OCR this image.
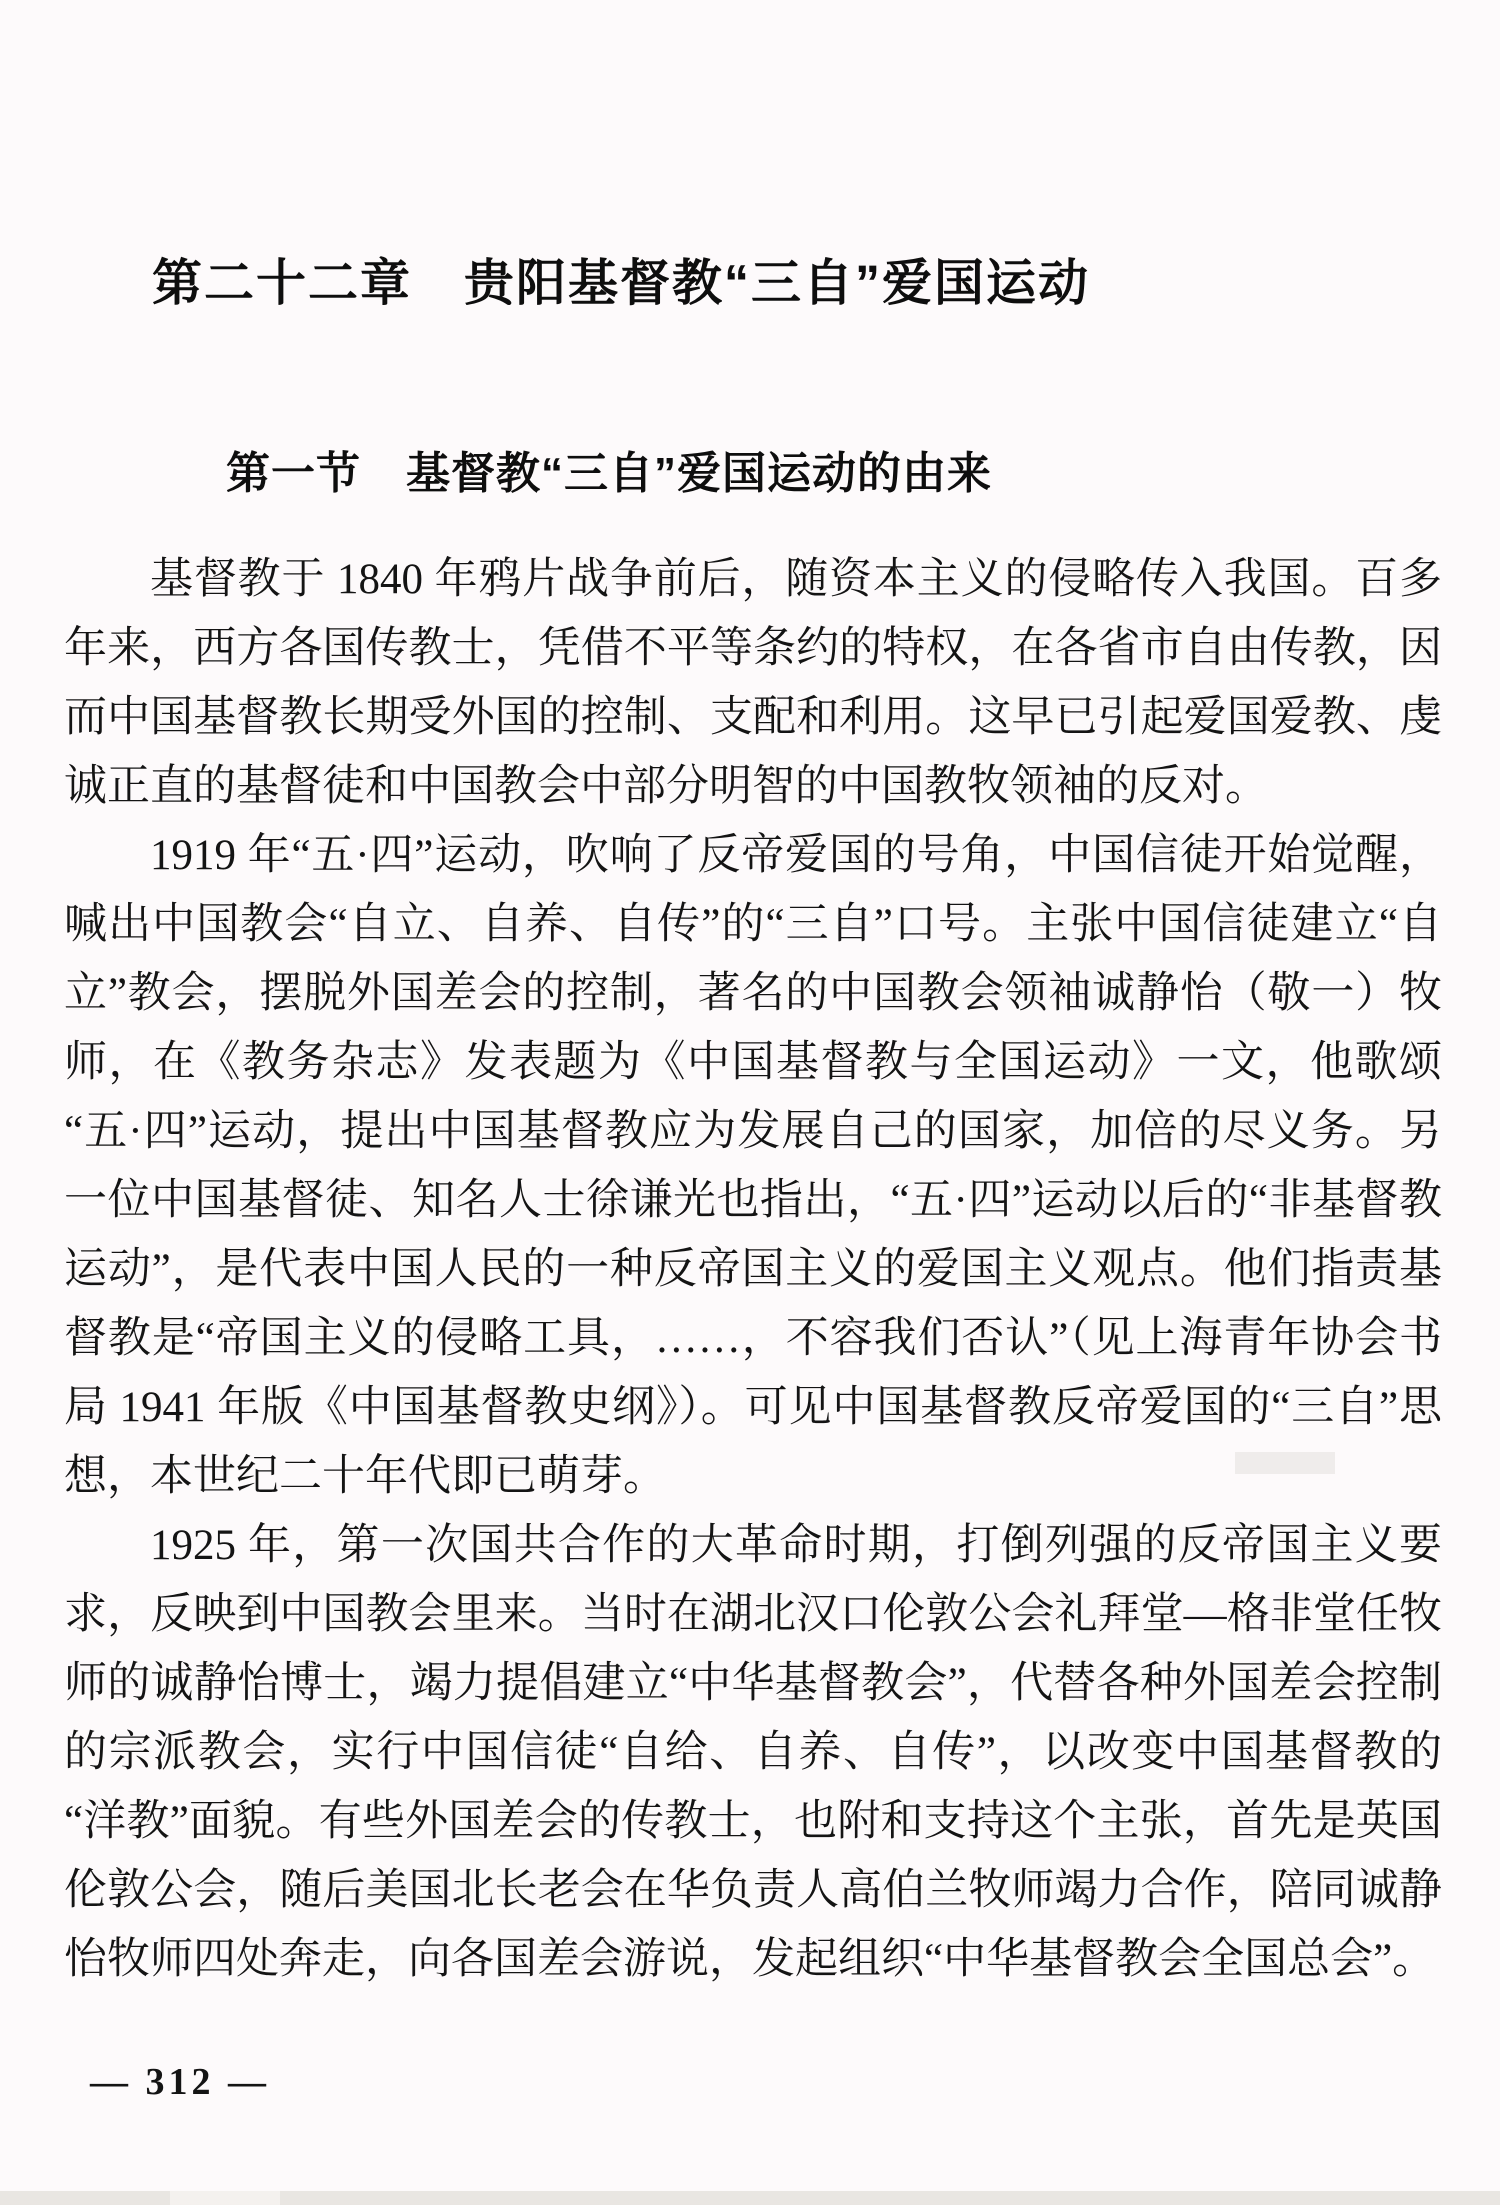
第二十二章　贵阳基督教“三自”爱国运动
第一节　基督教“三自”爱国运动的由来

基督教于 1840 年鸦片战争前后，随资本主义的侵略传入我国。百多年来，西方各国传教士，凭借不平等条约的特权，在各省市自由传教，因而中国基督教长期受外国的控制、支配和利用。这早已引起爱国爱教、虔诚正直的基督徒和中国教会中部分明智的中国教牧领袖的反对。

1919 年“五·四”运动，吹响了反帝爱国的号角，中国信徒开始觉醒，喊出中国教会“自立、自养、自传”的“三自”口号。主张中国信徒建立“自立”教会，摆脱外国差会的控制，著名的中国教会领袖诚静怡（敬一）牧师，在《教务杂志》发表题为《中国基督教与全国运动》一文，他歌颂“五·四”运动，提出中国基督教应为发展自己的国家，加倍的尽义务。另一位中国基督徒、知名人士徐谦光也指出，“五·四”运动以后的“非基督教运动”，是代表中国人民的一种反帝国主义的爱国主义观点。他们指责基督教是“帝国主义的侵略工具，……，不容我们否认”（见上海青年协会书局 1941 年版《中国基督教史纲》）。可见中国基督教反帝爱国的“三自”思想，本世纪二十年代即已萌芽。

1925 年，第一次国共合作的大革命时期，打倒列强的反帝国主义要求，反映到中国教会里来。当时在湖北汉口伦敦公会礼拜堂—格非堂任牧师的诚静怡博士，竭力提倡建立“中华基督教会”，代替各种外国差会控制的宗派教会，实行中国信徒“自给、自养、自传”，以改变中国基督教的“洋教”面貌。有些外国差会的传教士，也附和支持这个主张，首先是英国伦敦公会，随后美国北长老会在华负责人高伯兰牧师竭力合作，陪同诚静怡牧师四处奔走，向各国差会游说，发起组织“中华基督教会全国总会”。

— 312 —
